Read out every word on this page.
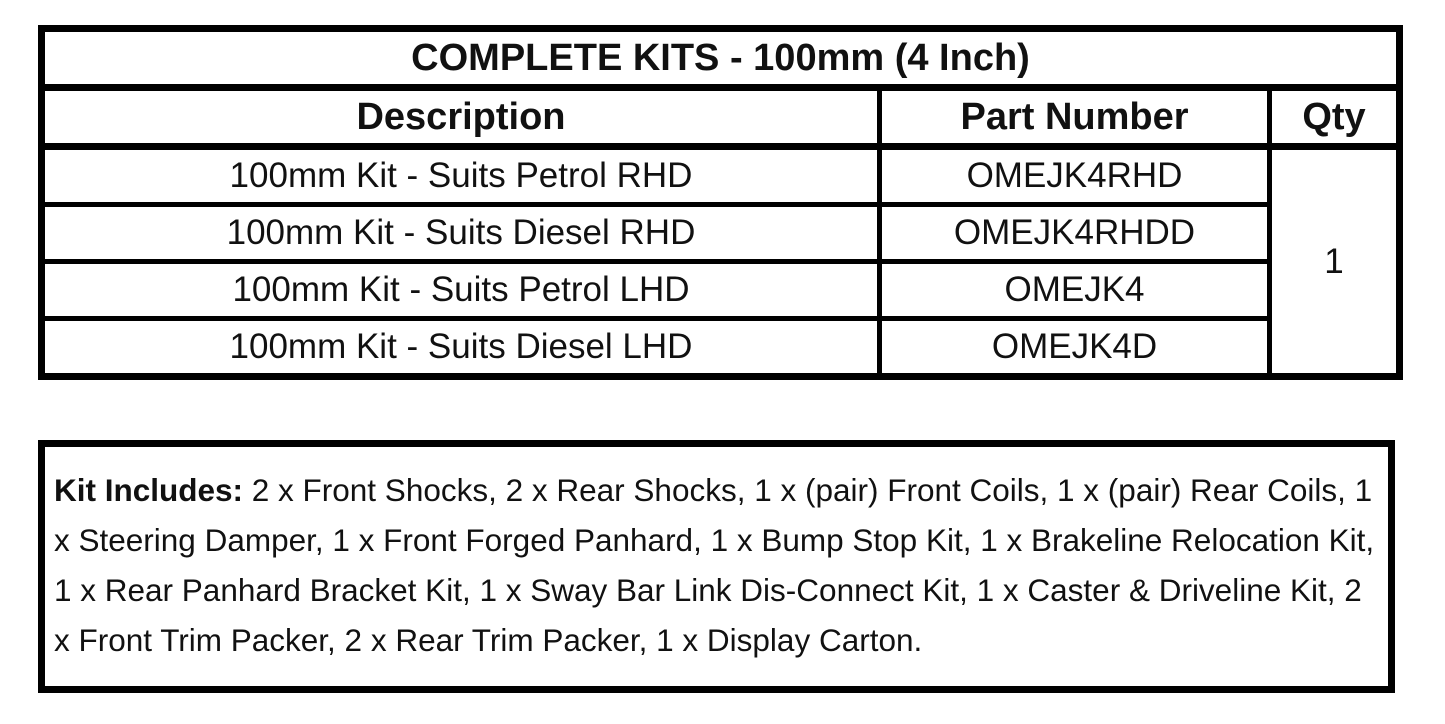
COMPLETE KITS - 100mm (4 Inch)		
Description	Part Number	Qty
100mm Kit - Suits Petrol RHD	OMEJK4RHD	1
100mm Kit - Suits Diesel RHD	OMEJK4RHDD	
100mm Kit - Suits Petrol LHD	OMEJK4	
100mm Kit - Suits Diesel LHD	OMEJK4D	
Kit Includes: 2 x Front Shocks, 2 x Rear Shocks, 1 x (pair) Front Coils, 1 x (pair) Rear Coils, 1 x Steering Damper, 1 x Front Forged Panhard, 1 x Bump Stop Kit, 1 x Brakeline Relocation Kit, 1 x Rear Panhard Bracket Kit, 1 x Sway Bar Link Dis-Connect Kit, 1 x Caster & Driveline Kit, 2 x Front Trim Packer, 2 x Rear Trim Packer, 1 x Display Carton.
